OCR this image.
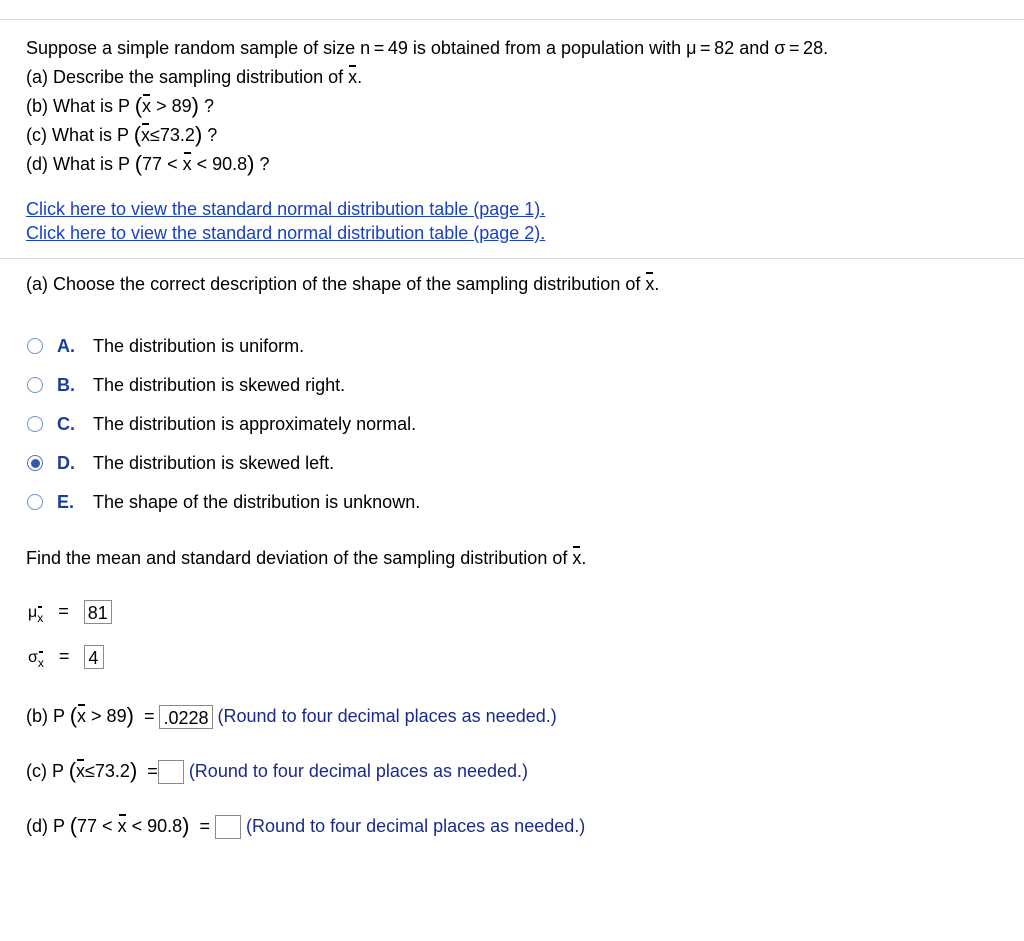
Suppose a simple random sample of size n = 49 is obtained from a population with μ = 82 and σ = 28.
(a) Describe the sampling distribution of x.
(b) What is P (x > 89) ?
(c) What is P (x≤73.2) ?
(d) What is P (77 < x < 90.8) ?
Click here to view the standard normal distribution table (page 1).
Click here to view the standard normal distribution table (page 2).
(a) Choose the correct description of the shape of the sampling distribution of x.
A.	The distribution is uniform.
B.	The distribution is skewed right.
C.	The distribution is approximately normal.
D.	The distribution is skewed left.
E.	The shape of the distribution is unknown.
Find the mean and standard deviation of the sampling distribution of x.
μx = 81
σx = 4
(b) P (x > 89) = .0228 (Round to four decimal places as needed.)
(c) P (x≤73.2) = (Round to four decimal places as needed.)
(d) P (77 < x < 90.8) = (Round to four decimal places as needed.)
